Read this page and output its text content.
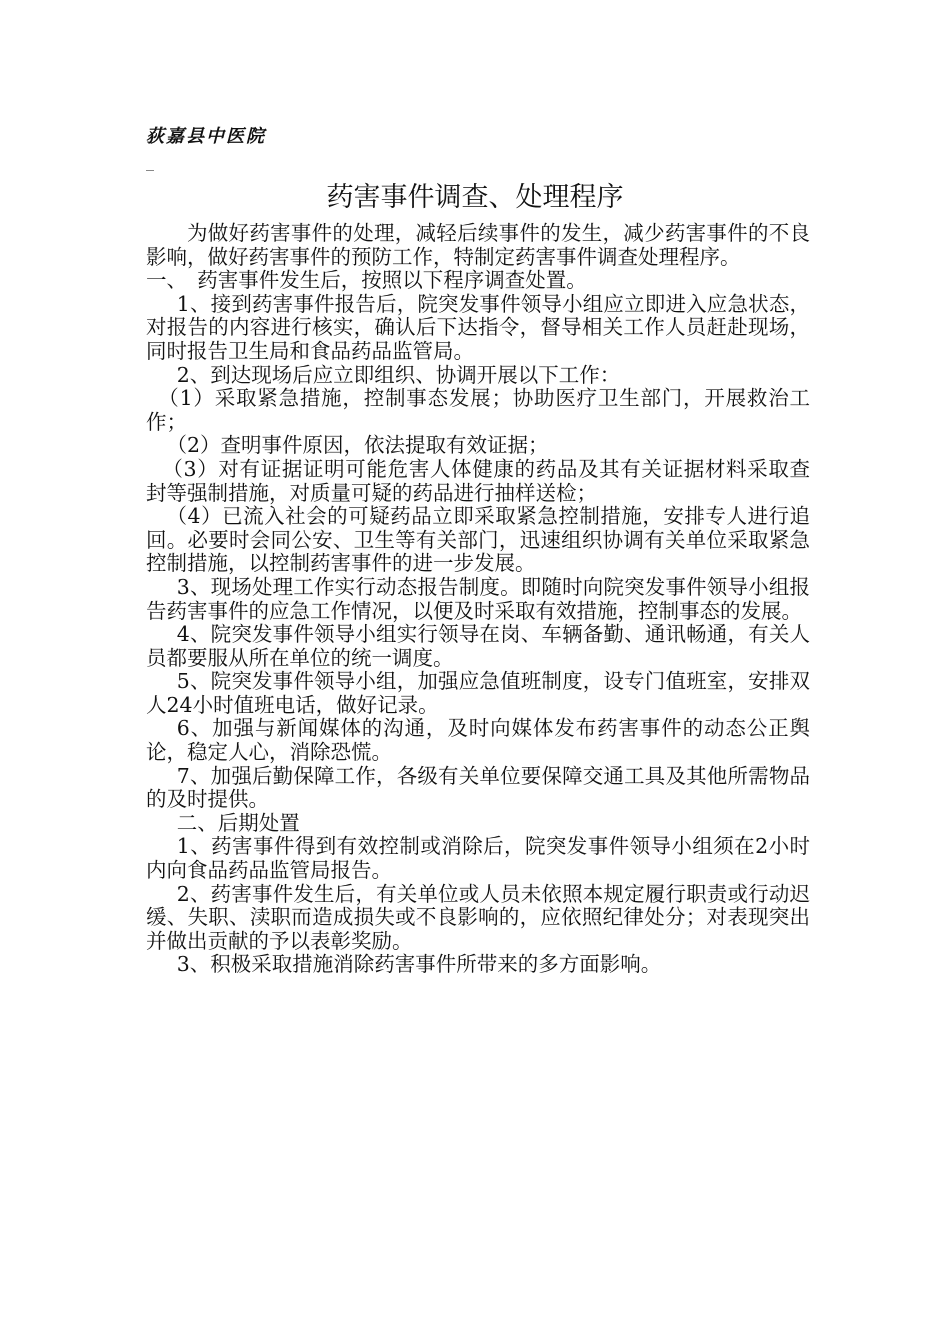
荻嘉县中医院
药害事件调查、处理程序

为做好药害事件的处理，减轻后续事件的发生，减少药害事件的不良影响，做好药害事件的预防工作，特制定药害事件调查处理程序。

一、　药害事件发生后，按照以下程序调查处置。

1、接到药害事件报告后，院突发事件领导小组应立即进入应急状态，对报告的内容进行核实，确认后下达指令，督导相关工作人员赶赴现场，同时报告卫生局和食品药品监管局。

2、到达现场后应立即组织、协调开展以下工作：

（1）采取紧急措施，控制事态发展；协助医疗卫生部门，开展救治工作；

（2）查明事件原因，依法提取有效证据；

（3）对有证据证明可能危害人体健康的药品及其有关证据材料采取查封等强制措施，对质量可疑的药品进行抽样送检；

（4）已流入社会的可疑药品立即采取紧急控制措施，安排专人进行追回。必要时会同公安、卫生等有关部门，迅速组织协调有关单位采取紧急控制措施，以控制药害事件的进一步发展。

3、现场处理工作实行动态报告制度。即随时向院突发事件领导小组报告药害事件的应急工作情况，以便及时采取有效措施，控制事态的发展。

4、院突发事件领导小组实行领导在岗、车辆备勤、通讯畅通，有关人员都要服从所在单位的统一调度。

5、院突发事件领导小组，加强应急值班制度，设专门值班室，安排双人24小时值班电话，做好记录。

6、加强与新闻媒体的沟通，及时向媒体发布药害事件的动态公正舆论，稳定人心，消除恐慌。

7、加强后勤保障工作，各级有关单位要保障交通工具及其他所需物品的及时提供。

二、后期处置

1、药害事件得到有效控制或消除后，院突发事件领导小组须在2小时内向食品药品监管局报告。

2、药害事件发生后，有关单位或人员未依照本规定履行职责或行动迟缓、失职、渎职而造成损失或不良影响的，应依照纪律处分；对表现突出并做出贡献的予以表彰奖励。

3、积极采取措施消除药害事件所带来的多方面影响。
